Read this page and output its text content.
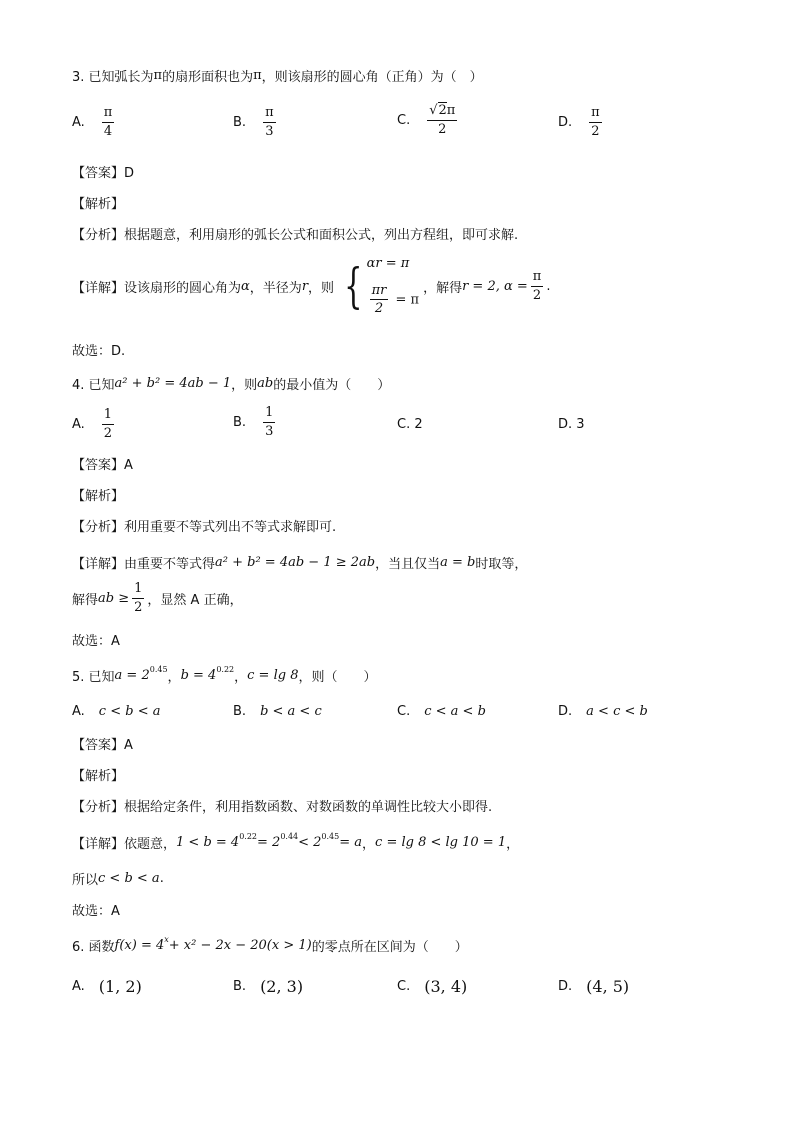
3. 已知弧长为 π 的扇形面积也为 π ，则该扇形的圆心角（正角）为（　）
A. $\frac{\pi}{4}$	B. $\frac{\pi}{3}$	C. $\frac{√2\pi}{2}$	D. $\frac{\pi}{2}$
【答案】D
【解析】
【分析】根据题意，利用扇形的弧长公式和面积公式，列出方程组，即可求解.
【详解】设该扇形的圆心角为 α ，半径为 r ，则 { αr = π
$\frac{\pi r}{2} = \pi$
，解得 r = 2, $\alpha = \frac{\pi}{2}$ .
故选：D.
4. 已知 a² + b² = 4ab − 1 ，则 ab 的最小值为（　　）
A. $\frac{1}{2}$	B. $\frac{1}{3}$	C. 2	D. 3
【答案】A
【解析】
【分析】利用重要不等式列出不等式求解即可.
【详解】由重要不等式得 a² + b² = 4ab − 1 ≥ 2ab ，当且仅当 a = b 时取等，
解得 ab ≥ $\frac{1}{2}$ ，显然 A 正确，
故选：A
5. 已知 a = 2 0.45
， b = 4 0.22
， c = lg 8 ，则（　　）
A. c < b < a	B. b < a < c	C. c < a < b	D. a < c < b
【答案】A
【解析】
【分析】根据给定条件，利用指数函数、对数函数的单调性比较大小即得.
【详解】依题意， 1 < b = 4 0.22 = 2 0.44 < 2 0.45 = a ， c = lg 8 < lg 10 = 1 ，
所以 c < b < a .
故选：A
6. 函数 f(x) = 4 x + x² − 2x − 20(x > 1) 的零点所在区间为（　　）
A. (1, 2)	B. (2, 3)	C. (3, 4)	D. (4, 5)
